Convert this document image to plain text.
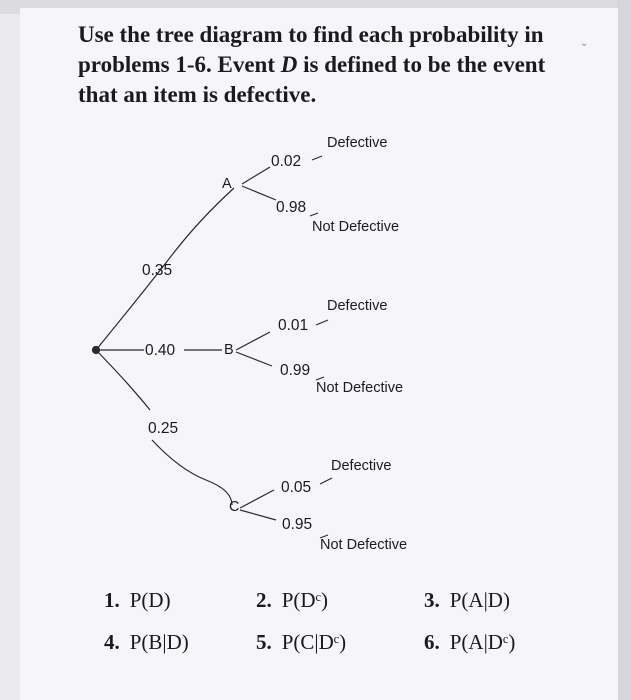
⌄

Use the tree diagram to find each probability in problems 1-6. Event D is defined to be the event that an item is defective.

Defective
0.02
A
0.98
Not Defective
0.35
Defective
0.01
0.40	B
0.99
Not Defective
0.25
Defective
0.05
C
0.95
Not Defective
1. P(D)	2. P(Dᶜ)	3. P(A|D)
4. P(B|D)	5. P(C|Dᶜ)	6. P(A|Dᶜ)
